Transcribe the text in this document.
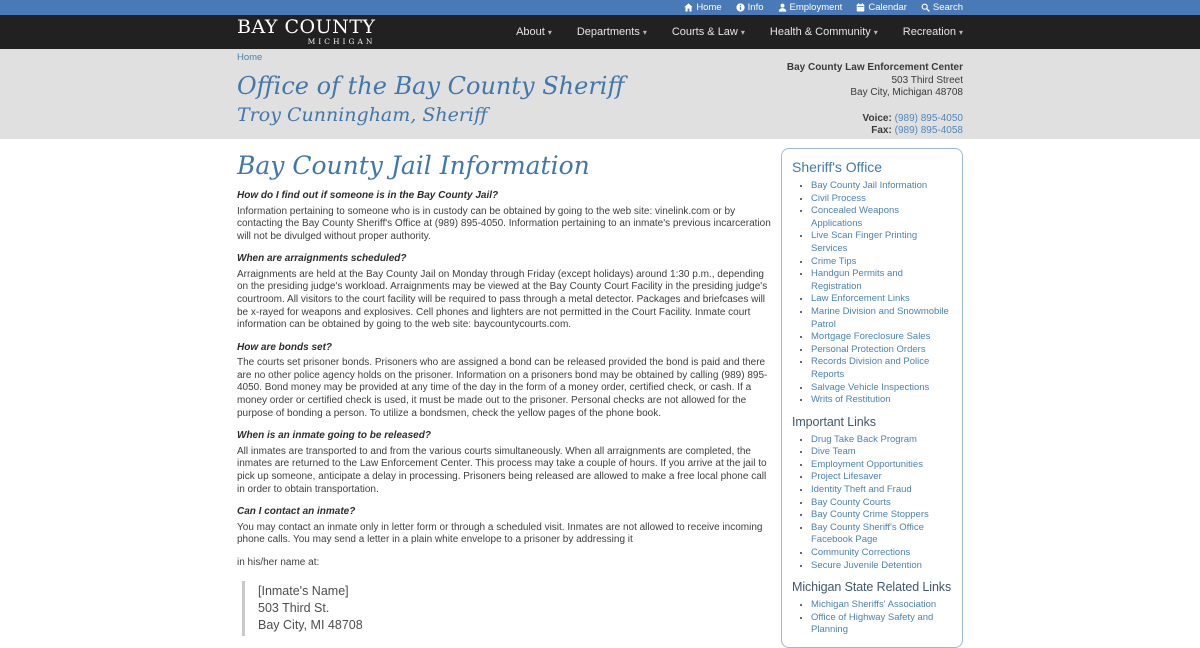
Home	Info	Employment	Calendar	Search
BAY COUNTY
MICHIGAN
About ▾ Departments ▾ Courts & Law ▾ Health & Community ▾ Recreation ▾
Home
Office of the Bay County Sheriff
Troy Cunningham, Sheriff
Bay County Law Enforcement Center
503 Third Street
Bay City, Michigan 48708
Voice: (989) 895-4050
Fax: (989) 895-4058
Bay County Jail Information

How do I find out if someone is in the Bay County Jail?

Information pertaining to someone who is in custody can be obtained by going to the web site: vinelink.com or by contacting the Bay County Sheriff's Office at (989) 895-4050. Information pertaining to an inmate's previous incarceration will not be divulged without proper authority.

When are arraignments scheduled?

Arraignments are held at the Bay County Jail on Monday through Friday (except holidays) around 1:30 p.m., depending on the presiding judge's workload. Arraignments may be viewed at the Bay County Court Facility in the presiding judge's courtroom. All visitors to the court facility will be required to pass through a metal detector. Packages and briefcases will be x-rayed for weapons and explosives. Cell phones and lighters are not permitted in the Court Facility. Inmate court information can be obtained by going to the web site: baycountycourts.com.

How are bonds set?

The courts set prisoner bonds. Prisoners who are assigned a bond can be released provided the bond is paid and there are no other police agency holds on the prisoner. Information on a prisoners bond may be obtained by calling (989) 895-4050. Bond money may be provided at any time of the day in the form of a money order, certified check, or cash. If a money order or certified check is used, it must be made out to the prisoner. Personal checks are not allowed for the purpose of bonding a person. To utilize a bondsmen, check the yellow pages of the phone book.

When is an inmate going to be released?

All inmates are transported to and from the various courts simultaneously. When all arraignments are completed, the inmates are returned to the Law Enforcement Center. This process may take a couple of hours. If you arrive at the jail to pick up someone, anticipate a delay in processing. Prisoners being released are allowed to make a free local phone call in order to obtain transportation.

Can I contact an inmate?

You may contact an inmate only in letter form or through a scheduled visit. Inmates are not allowed to receive incoming phone calls. You may send a letter in a plain white envelope to a prisoner by addressing it

in his/her name at:

[Inmate's Name]
503 Third St.
Bay City, MI 48708
Sheriff's Office
• Bay County Jail Information
• Civil Process
• Concealed Weapons Applications
• Live Scan Finger Printing Services
• Crime Tips
• Handgun Permits and Registration
• Law Enforcement Links
• Marine Division and Snowmobile Patrol
• Mortgage Foreclosure Sales
• Personal Protection Orders
• Records Division and Police Reports
• Salvage Vehicle Inspections
• Writs of Restitution
Important Links
• Drug Take Back Program
• Dive Team
• Employment Opportunities
• Project Lifesaver
• Identity Theft and Fraud
• Bay County Courts
• Bay County Crime Stoppers
• Bay County Sheriff's Office Facebook Page
• Community Corrections
• Secure Juvenile Detention
Michigan State Related Links
• Michigan Sheriffs' Association
• Office of Highway Safety and Planning
